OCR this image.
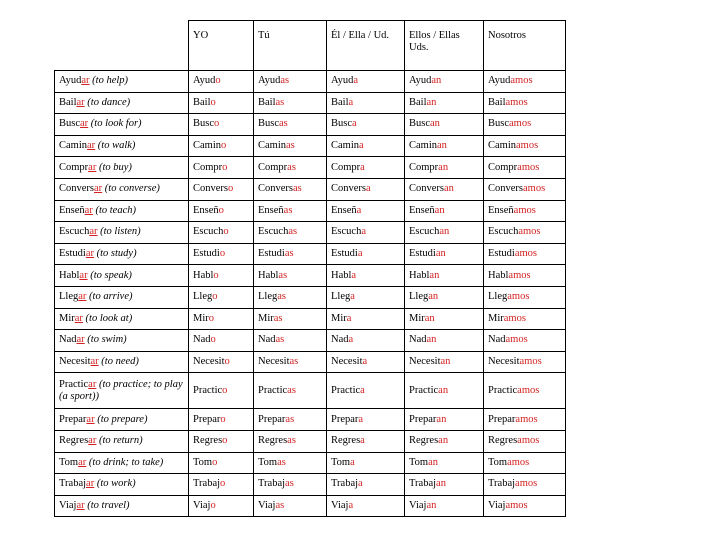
	YO	Tú	Él / Ella / Ud.	Ellos / Ellas Uds.	Nosotros
Ayudar (to help)	Ayudo	Ayudas	Ayuda	Ayudan	Ayudamos
Bailar (to dance)	Bailo	Bailas	Baila	Bailan	Bailamos
Buscar (to look for)	Busco	Buscas	Busca	Buscan	Buscamos
Caminar (to walk)	Camino	Caminas	Camina	Caminan	Caminamos
Comprar (to buy)	Compro	Compras	Compra	Compran	Compramos
Conversar (to converse)	Converso	Conversas	Conversa	Conversan	Conversamos
Enseñar (to teach)	Enseño	Enseñas	Enseña	Enseñan	Enseñamos
Escuchar (to listen)	Escucho	Escuchas	Escucha	Escuchan	Escuchamos
Estudiar (to study)	Estudio	Estudias	Estudia	Estudian	Estudiamos
Hablar (to speak)	Hablo	Hablas	Habla	Hablan	Hablamos
Llegar (to arrive)	Llego	Llegas	Llega	Llegan	Llegamos
Mirar (to look at)	Miro	Miras	Mira	Miran	Miramos
Nadar (to swim)	Nado	Nadas	Nada	Nadan	Nadamos
Necesitar (to need)	Necesito	Necesitas	Necesita	Necesitan	Necesitamos
Practicar (to practice; to play (a sport))	Practico	Practicas	Practica	Practican	Practicamos
Preparar (to prepare)	Preparo	Preparas	Prepara	Preparan	Preparamos
Regresar (to return)	Regreso	Regresas	Regresa	Regresan	Regresamos
Tomar (to drink; to take)	Tomo	Tomas	Toma	Toman	Tomamos
Trabajar (to work)	Trabajo	Trabajas	Trabaja	Trabajan	Trabajamos
Viajar (to travel)	Viajo	Viajas	Viaja	Viajan	Viajamos
